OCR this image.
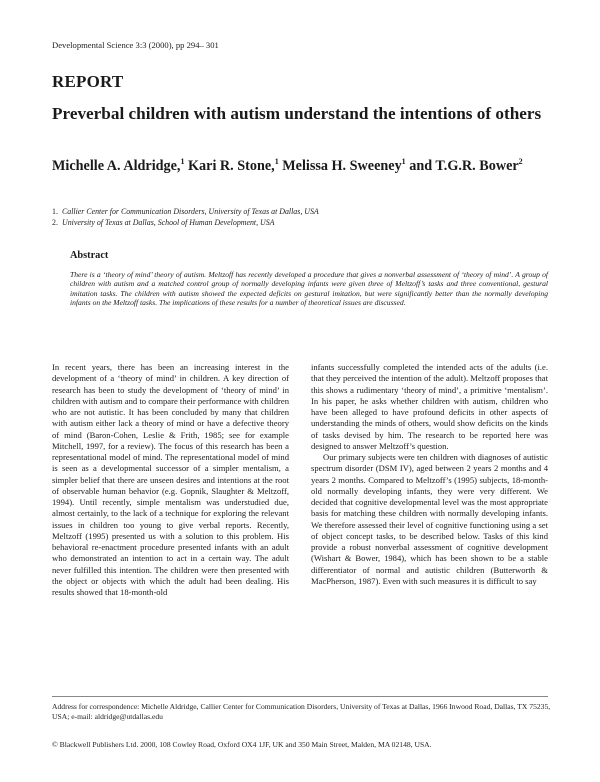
Developmental Science 3:3 (2000), pp 294– 301
REPORT
Preverbal children with autism understand the intentions of others
Michelle A. Aldridge,$^1$ Kari R. Stone,$^1$ Melissa H. Sweeney$^1$ and T.G.R. Bower$^2$
1. Callier Center for Communication Disorders, University of Texas at Dallas, USA
2. University of Texas at Dallas, School of Human Development, USA
Abstract
There is a ‘theory of mind’ theory of autism. Meltzoff has recently developed a procedure that gives a nonverbal assessment of ‘theory of mind’. A group of children with autism and a matched control group of normally developing infants were given three of Meltzoff’s tasks and three conventional, gestural imitation tasks. The children with autism showed the expected deficits on gestural imitation, but were significantly better than the normally developing infants on the Meltzoff tasks. The implications of these results for a number of theoretical issues are discussed.

In recent years, there has been an increasing interest in the development of a ‘theory of mind’ in children. A key direction of research has been to study the development of ‘theory of mind’ in children with autism and to compare their performance with children who are not autistic. It has been concluded by many that children with autism either lack a theory of mind or have a defective theory of mind (Baron-Cohen, Leslie & Frith, 1985; see for example Mitchell, 1997, for a review). The focus of this research has been a representational model of mind. The representational model of mind is seen as a developmental successor of a simpler mentalism, a simpler belief that there are unseen desires and intentions at the root of observable human behavior (e.g. Gopnik, Slaughter & Meltzoff, 1994). Until recently, simple mentalism was understudied due, almost certainly, to the lack of a technique for exploring the relevant issues in children too young to give verbal reports. Recently, Meltzoff (1995) presented us with a solution to this problem. His behavioral re-enactment procedure presented infants with an adult who demonstrated an intention to act in a certain way. The adult never fulfilled this intention. The children were then presented with the object or objects with which the adult had been dealing. His results showed that 18-month-old

infants successfully completed the intended acts of the adults (i.e. that they perceived the intention of the adult). Meltzoff proposes that this shows a rudimentary ‘theory of mind’, a primitive ‘mentalism’. In his paper, he asks whether children with autism, children who have been alleged to have profound deficits in other aspects of understanding the minds of others, would show deficits on the kinds of tasks devised by him. The research to be reported here was designed to answer Meltzoff’s question.

Our primary subjects were ten children with diagnoses of autistic spectrum disorder (DSM IV), aged between 2 years 2 months and 4 years 2 months. Compared to Meltzoff’s (1995) subjects, 18-month-old normally developing infants, they were very different. We decided that cognitive developmental level was the most appropriate basis for matching these children with normally developing infants. We therefore assessed their level of cognitive functioning using a set of object concept tasks, to be described below. Tasks of this kind provide a robust nonverbal assessment of cognitive development (Wishart & Bower, 1984), which has been shown to be a stable differentiator of normal and autistic children (Butterworth & MacPherson, 1987). Even with such measures it is difficult to say

Address for correspondence: Michelle Aldridge, Callier Center for Communication Disorders, University of Texas at Dallas, 1966 Inwood Road, Dallas, TX 75235, USA; e-mail: aldridge@utdallas.edu
© Blackwell Publishers Ltd. 2000, 108 Cowley Road, Oxford OX4 1JF, UK and 350 Main Street, Malden, MA 02148, USA.
